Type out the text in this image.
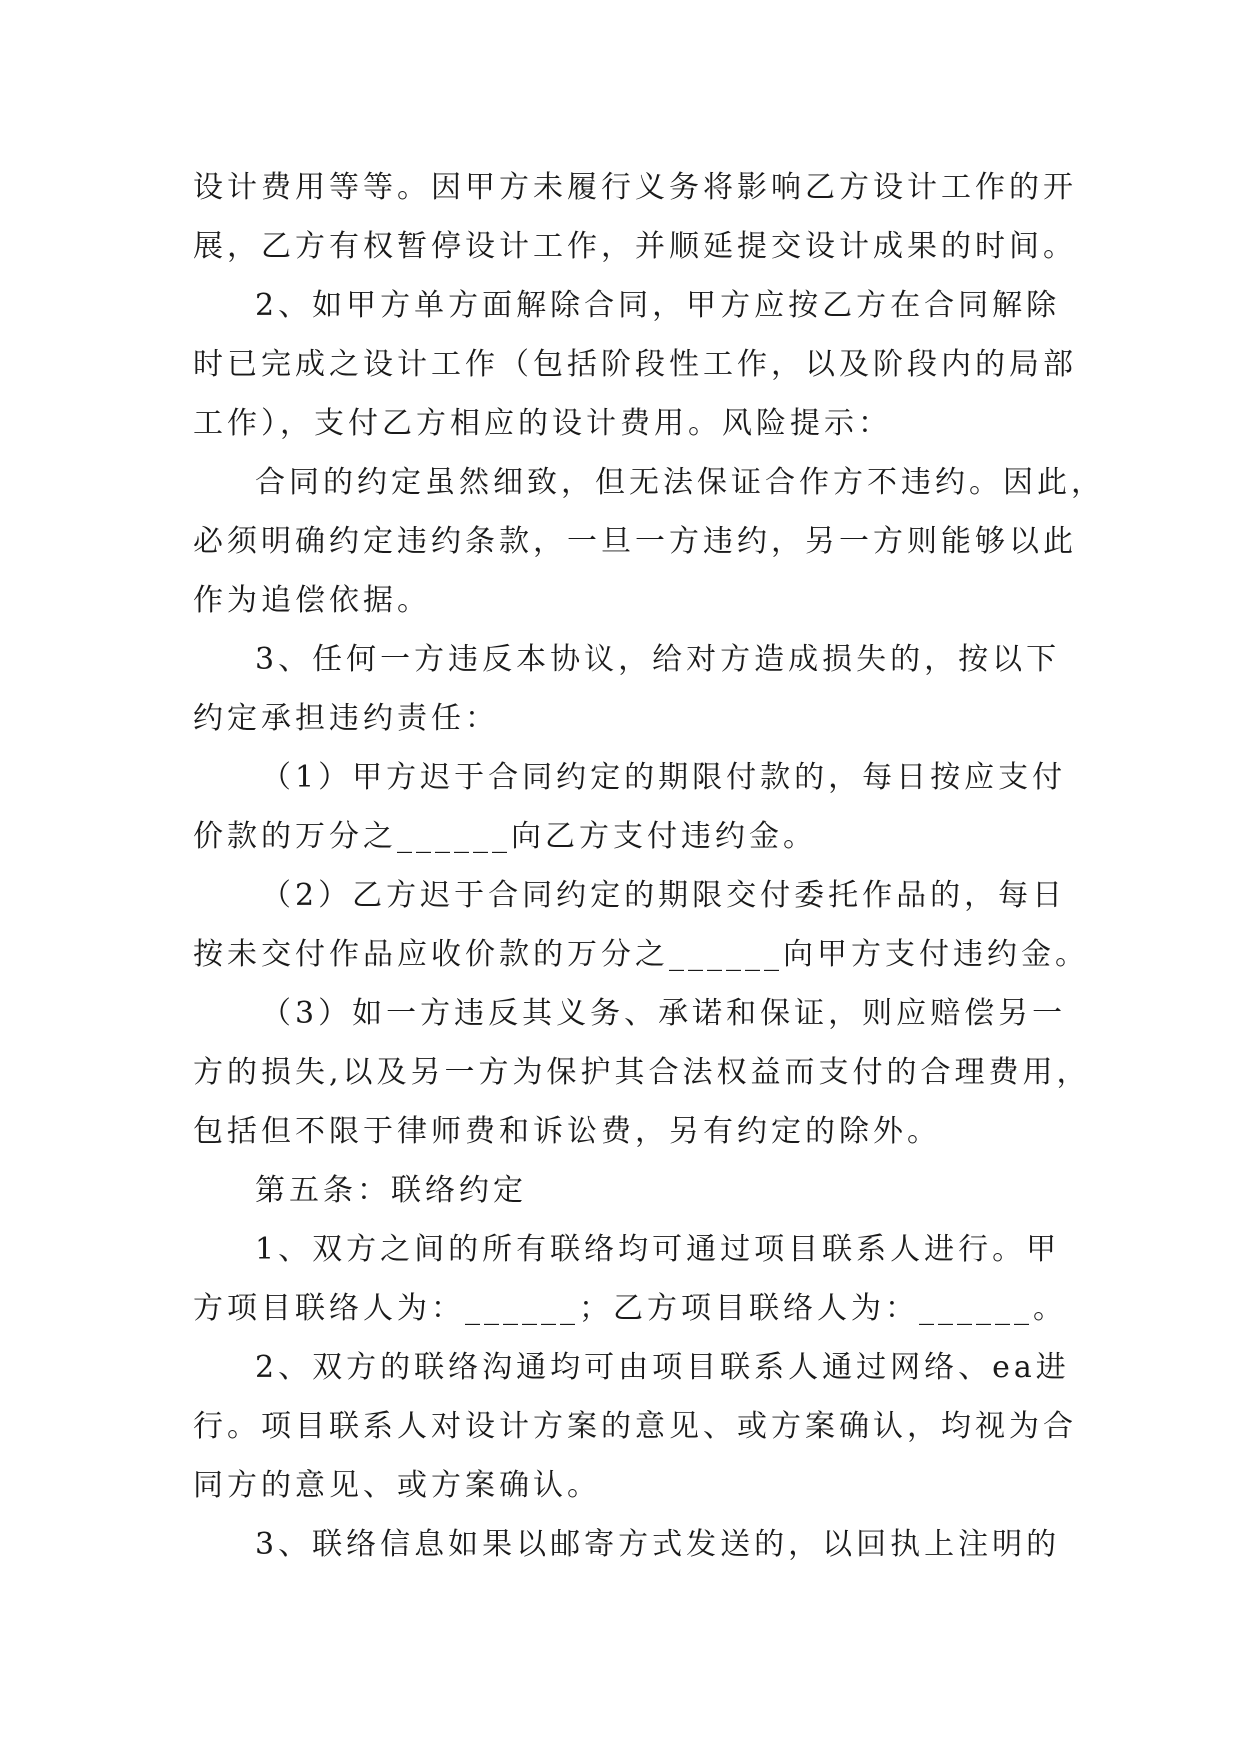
设计费用等等。因甲方未履行义务将影响乙方设计工作的开
展，乙方有权暂停设计工作，并顺延提交设计成果的时间。
2、如甲方单方面解除合同，甲方应按乙方在合同解除
时已完成之设计工作（包括阶段性工作，以及阶段内的局部
工作），支付乙方相应的设计费用。风险提示：
合同的约定虽然细致，但无法保证合作方不违约。因此，
必须明确约定违约条款，一旦一方违约，另一方则能够以此
作为追偿依据。
3、任何一方违反本协议，给对方造成损失的，按以下
约定承担违约责任：
（1）甲方迟于合同约定的期限付款的，每日按应支付
价款的万分之______向乙方支付违约金。
（2）乙方迟于合同约定的期限交付委托作品的，每日
按未交付作品应收价款的万分之______向甲方支付违约金。
（3）如一方违反其义务、承诺和保证，则应赔偿另一
方的损失,以及另一方为保护其合法权益而支付的合理费用，
包括但不限于律师费和诉讼费，另有约定的除外。
第五条：联络约定
1、双方之间的所有联络均可通过项目联系人进行。甲
方项目联络人为：______；乙方项目联络人为：______。
2、双方的联络沟通均可由项目联系人通过网络、ea进
行。项目联系人对设计方案的意见、或方案确认，均视为合
同方的意见、或方案确认。
3、联络信息如果以邮寄方式发送的，以回执上注明的
